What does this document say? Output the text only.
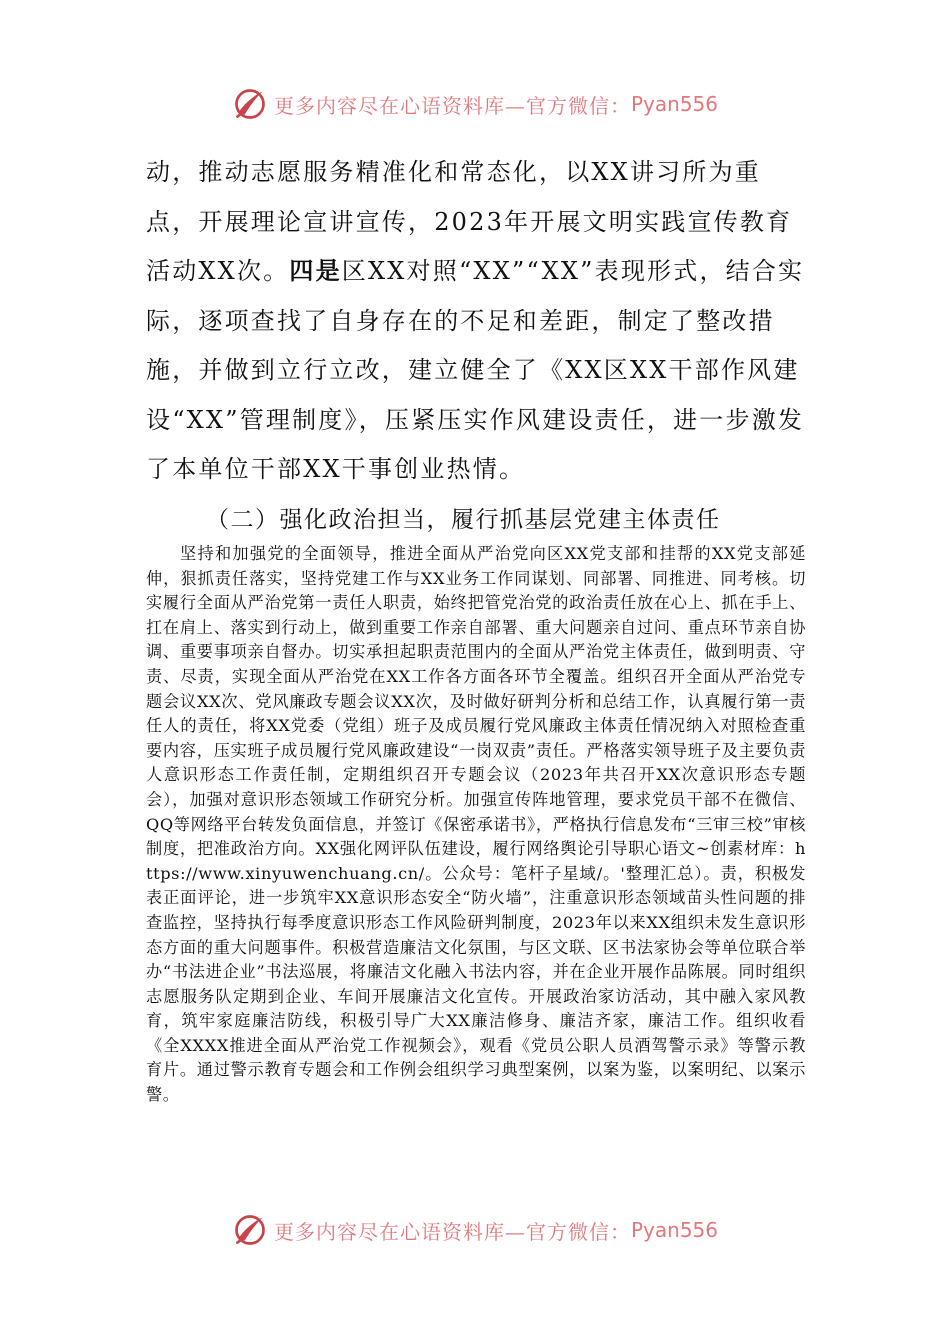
更多内容尽在心语资料库—官方微信： Pyan556

动，推动志愿服务精准化和常态化，以XX讲习所为重点，开展理论宣讲宣传，2023年开展文明实践宣传教育活动XX次。四是区XX对照“XX”“XX”表现形式，结合实际，逐项查找了自身存在的不足和差距，制定了整改措施，并做到立行立改，建立健全了《XX区XX干部作风建设“XX”管理制度》，压紧压实作风建设责任，进一步激发了本单位干部XX干事创业热情。

（二）强化政治担当，履行抓基层党建主体责任

坚持和加强党的全面领导，推进全面从严治党向区XX党支部和挂帮的XX党支部延伸，狠抓责任落实，坚持党建工作与XX业务工作同谋划、同部署、同推进、同考核。切实履行全面从严治党第一责任人职责，始终把管党治党的政治责任放在心上、抓在手上、扛在肩上、落实到行动上，做到重要工作亲自部署、重大问题亲自过问、重点环节亲自协调、重要事项亲自督办。切实承担起职责范围内的全面从严治党主体责任，做到明责、守责、尽责，实现全面从严治党在XX工作各方面各环节全覆盖。组织召开全面从严治党专题会议XX次、党风廉政专题会议XX次，及时做好研判分析和总结工作，认真履行第一责任人的责任，将XX党委（党组）班子及成员履行党风廉政主体责任情况纳入对照检查重要内容，压实班子成员履行党风廉政建设“一岗双责”责任。严格落实领导班子及主要负责人意识形态工作责任制，定期组织召开专题会议（2023年共召开XX次意识形态专题会），加强对意识形态领域工作研究分析。加强宣传阵地管理，要求党员干部不在微信、QQ等网络平台转发负面信息，并签订《保密承诺书》，严格执行信息发布“三审三校”审核制度，把准政治方向。XX强化网评队伍建设，履行网络舆论引导职心语文~创素材库：https://www.xinyuwenchuang.cn/。公众号：笔杆子星域/。'整理汇总）。责，积极发表正面评论，进一步筑牢XX意识形态安全“防火墙”，注重意识形态领域苗头性问题的排查监控，坚持执行每季度意识形态工作风险研判制度，2023年以来XX组织未发生意识形态方面的重大问题事件。积极营造廉洁文化氛围，与区文联、区书法家协会等单位联合举办“书法进企业”书法巡展，将廉洁文化融入书法内容，并在企业开展作品陈展。同时组织志愿服务队定期到企业、车间开展廉洁文化宣传。开展政治家访活动，其中融入家风教育，筑牢家庭廉洁防线，积极引导广大XX廉洁修身、廉洁齐家，廉洁工作。组织收看《全XXXX推进全面从严治党工作视频会》，观看《党员公职人员酒驾警示录》等警示教育片。通过警示教育专题会和工作例会组织学习典型案例，以案为鉴，以案明纪、以案示警。

更多内容尽在心语资料库—官方微信： Pyan556
